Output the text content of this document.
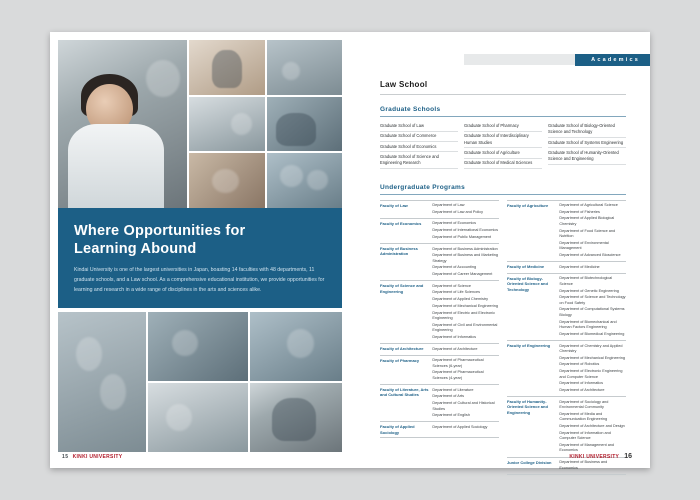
Where Opportunities for
Learning Abound

Kindai University is one of the largest universities in Japan, boasting 14 faculties with 48 departments, 11 graduate schools, and a Law school. As a comprehensive educational institution, we provide opportunities for learning and research in a wide range of disciplines in the arts and sciences alike.

15 KINKI UNIVERSITY
Academics
Law School
Graduate Schools
Graduate School of Law
Graduate School of Commerce
Graduate School of Economics
Graduate School of Science and Engineering Research
Graduate School of Pharmacy
Graduate School of Interdisciplinary Human Studies
Graduate School of Agriculture
Graduate School of Medical Sciences
Graduate School of Biology-Oriented Science and Technology
Graduate School of Systems Engineering
Graduate School of Humanity-Oriented Science and Engineering
Undergraduate Programs
Faculty of Law	Department of Law
Department of Law and Policy
Faculty of Economics	Department of Economics
Department of International Economics
Department of Public Management
Faculty of Business Administration
Department of Business Administration
Department of Business and Marketing Strategy
Department of Accounting
Department of Career Management
Faculty of Science and Engineering
Department of Science
Department of Life Sciences
Department of Applied Chemistry
Department of Mechanical Engineering
Department of Electric and Electronic Engineering
Department of Civil and Environmental Engineering
Department of Informatics
Faculty of Architecture	Department of Architecture
Faculty of Pharmacy	Department of Pharmaceutical Sciences (6-year)
Department of Pharmaceutical Sciences (4-year)
Faculty of Literature, Arts and Cultural Studies
Department of Literature
Department of Arts
Department of Cultural and Historical Studies
Department of English
Faculty of Applied Sociology
Department of Applied Sociology
Faculty of Agriculture	Department of Agricultural Science
Department of Fisheries
Department of Applied Biological Chemistry
Department of Food Science and Nutrition
Department of Environmental Management
Department of Advanced Bioscience
Faculty of Medicine	Department of Medicine
Faculty of Biology-Oriented Science and Technology
Department of Biotechnological Science
Department of Genetic Engineering
Department of Science and Technology on Food Safety
Department of Computational Systems Biology
Department of Biomechanical and Human Factors Engineering
Department of Biomedical Engineering
Faculty of Engineering	Department of Chemistry and Applied Chemistry
Department of Mechanical Engineering
Department of Robotics
Department of Electronic Engineering and Computer Science
Department of Informatics
Department of Architecture
Faculty of Humanity-Oriented Science and Engineering
Department of Sociology and Environmental Community
Department of Media and Communication Engineering
Department of Architecture and Design
Department of Information and Computer Science
Department of Management and Economics
Junior College Division	Department of Business and Economics
KINKI UNIVERSITY 16
